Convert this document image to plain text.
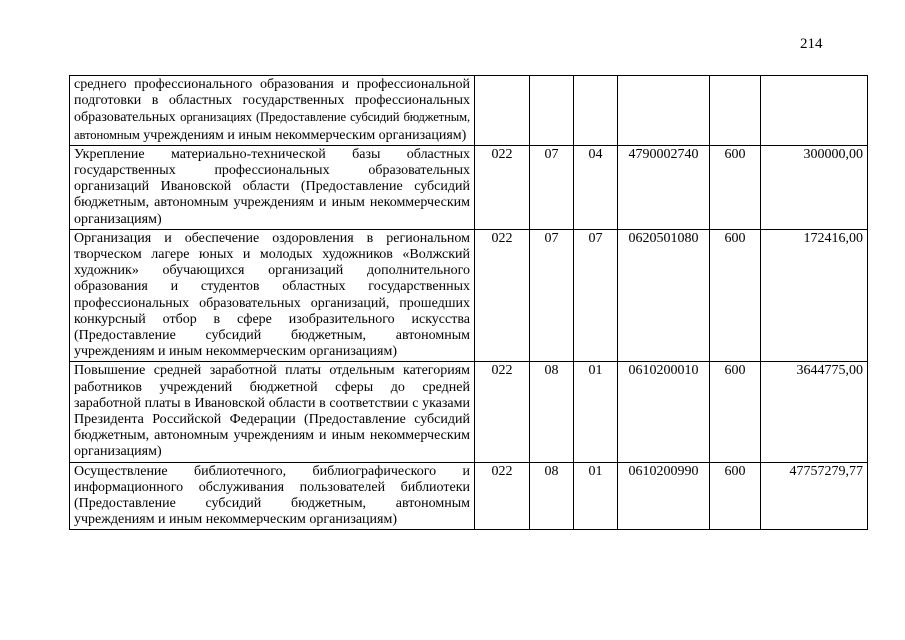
214
среднего профессионального образования и профессиональной подготовки в областных государственных профессиональных образовательных организациях (Предоставление субсидий бюджетным, автономным учреждениям и иным некоммерческим организациям)						
Укрепление материально-технической базы областных государственных профессиональных образовательных организаций Ивановской области (Предоставление субсидий бюджетным, автономным учреждениям и иным некоммерческим организациям)	022	07	04	4790002740	600	300000,00
Организация и обеспечение оздоровления в региональном творческом лагере юных и молодых художников «Волжский художник» обучающихся организаций дополнительного образования и студентов областных государственных профессиональных образовательных организаций, прошедших конкурсный отбор в сфере изобразительного искусства (Предоставление субсидий бюджетным, автономным учреждениям и иным некоммерческим организациям)	022	07	07	0620501080	600	172416,00
Повышение средней заработной платы отдельным категориям работников учреждений бюджетной сферы до средней заработной платы в Ивановской области в соответствии с указами Президента Российской Федерации (Предоставление субсидий бюджетным, автономным учреждениям и иным некоммерческим организациям)	022	08	01	0610200010	600	3644775,00
Осуществление библиотечного, библиографического и информационного обслуживания пользователей библиотеки (Предоставление субсидий бюджетным, автономным учреждениям и иным некоммерческим организациям)	022	08	01	0610200990	600	47757279,77
